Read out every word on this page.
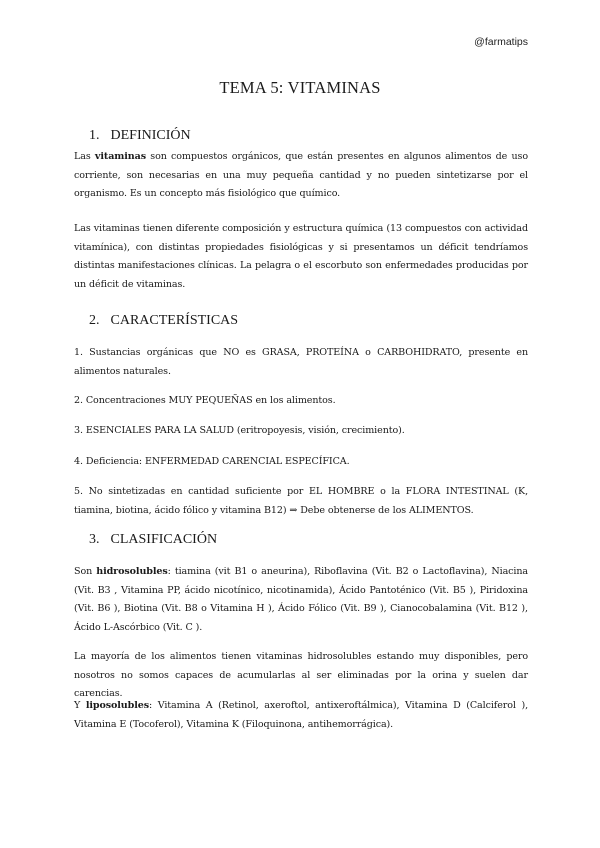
@farmatips
TEMA 5: VITAMINAS
1. DEFINICIÓN
Las vitaminas son compuestos orgánicos, que están presentes en algunos alimentos de uso corriente, son necesarias en una muy pequeña cantidad y no pueden sintetizarse por el organismo. Es un concepto más fisiológico que químico.
Las vitaminas tienen diferente composición y estructura química (13 compuestos con actividad vitamínica), con distintas propiedades fisiológicas y si presentamos un déficit tendríamos distintas manifestaciones clínicas. La pelagra o el escorbuto son enfermedades producidas por un déficit de vitaminas.
2. CARACTERÍSTICAS
1. Sustancias orgánicas que NO es GRASA, PROTEÍNA o CARBOHIDRATO, presente en alimentos naturales.
2. Concentraciones MUY PEQUEÑAS en los alimentos.
3. ESENCIALES PARA LA SALUD (eritropoyesis, visión, crecimiento).
4. Deficiencia: ENFERMEDAD CARENCIAL ESPECÍFICA.
5. No sintetizadas en cantidad suficiente por EL HOMBRE o la FLORA INTESTINAL (K, tiamina, biotina, ácido fólico y vitamina B12) ⇒ Debe obtenerse de los ALIMENTOS.
3. CLASIFICACIÓN
Son hidrosolubles: tiamina (vit B1 o aneurina), Riboflavina (Vit. B2 o Lactoflavina), Niacina (Vit. B3 , Vitamina PP, ácido nicotínico, nicotinamida), Ácido Pantoténico (Vit. B5 ), Piridoxina (Vit. B6 ), Biotina (Vit. B8 o Vitamina H ), Ácido Fólico (Vit. B9 ), Cianocobalamina (Vit. B12 ), Ácido L-Ascórbico (Vit. C ).
La mayoría de los alimentos tienen vitaminas hidrosolubles estando muy disponibles, pero nosotros no somos capaces de acumularlas al ser eliminadas por la orina y suelen dar carencias.
Y liposolubles: Vitamina A (Retinol, axeroftol, antixeroftálmica), Vitamina D (Calciferol ), Vitamina E (Tocoferol), Vitamina K (Filoquinona, antihemorrágica).
